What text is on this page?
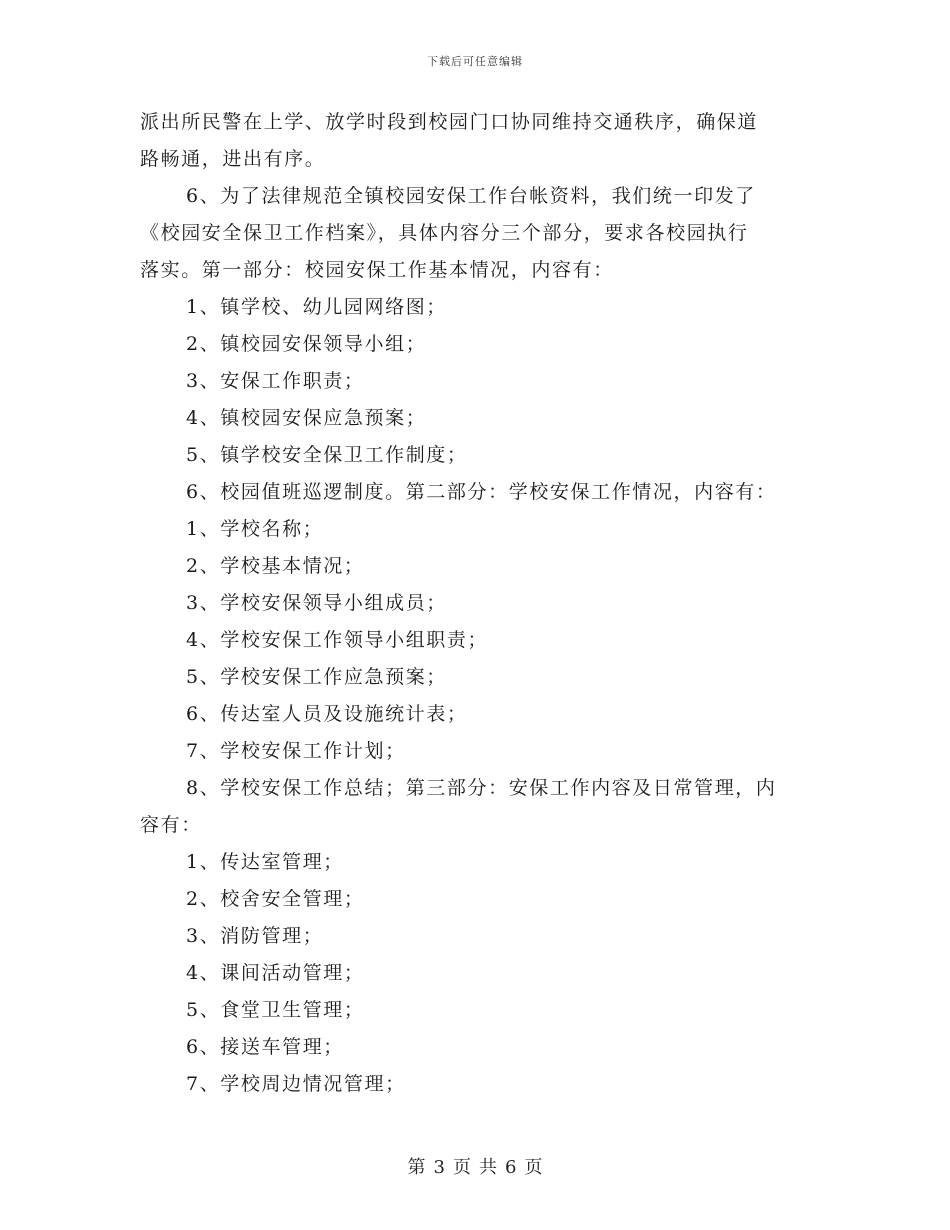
下载后可任意编辑
派出所民警在上学、放学时段到校园门口协同维持交通秩序，确保道
路畅通，进出有序。
6、为了法律规范全镇校园安保工作台帐资料，我们统一印发了
《校园安全保卫工作档案》，具体内容分三个部分，要求各校园执行
落实。第一部分：校园安保工作基本情况，内容有：
1、镇学校、幼儿园网络图；
2、镇校园安保领导小组；
3、安保工作职责；
4、镇校园安保应急预案；
5、镇学校安全保卫工作制度；
6、校园值班巡逻制度。第二部分：学校安保工作情况，内容有：
1、学校名称；
2、学校基本情况；
3、学校安保领导小组成员；
4、学校安保工作领导小组职责；
5、学校安保工作应急预案；
6、传达室人员及设施统计表；
7、学校安保工作计划；
8、学校安保工作总结；第三部分：安保工作内容及日常管理，内
容有：
1、传达室管理；
2、校舍安全管理；
3、消防管理；
4、课间活动管理；
5、食堂卫生管理；
6、接送车管理；
7、学校周边情况管理；
第 3 页 共 6 页
